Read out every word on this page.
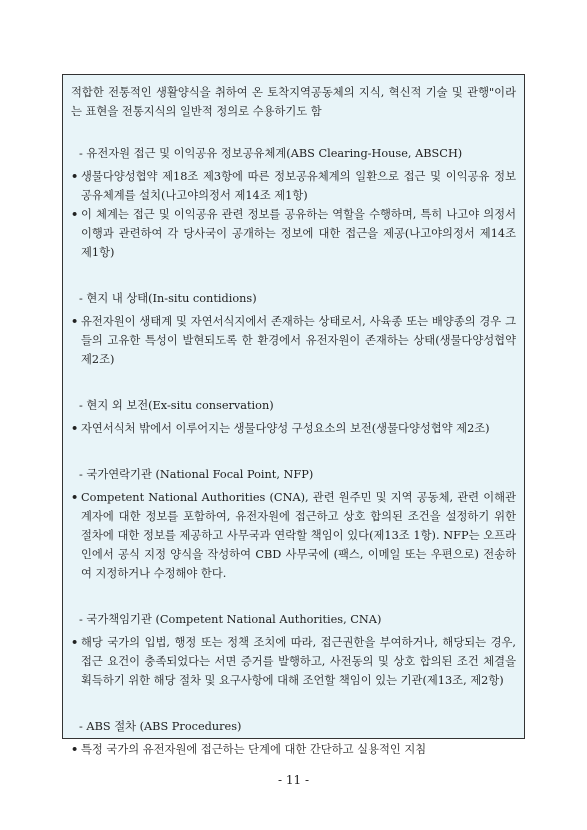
적합한 전통적인 생활양식을 취하여 온 토착지역공동체의 지식, 혁신적 기술 및 관행"이라는 표현을 전통지식의 일반적 정의로 수용하기도 함

- 유전자원 접근 및 이익공유 정보공유체계(ABS Clearing-House, ABSCH)

• 생물다양성협약 제18조 제3항에 따른 정보공유체계의 일환으로 접근 및 이익공유 정보공유체계를 설치(나고야의정서 제14조 제1항)
• 이 체계는 접근 및 이익공유 관련 정보를 공유하는 역할을 수행하며, 특히 나고야 의정서 이행과 관련하여 각 당사국이 공개하는 정보에 대한 접근을 제공(나고야의정서 제14조 제1항)

- 현지 내 상태(In-situ contidions)

• 유전자원이 생태계 및 자연서식지에서 존재하는 상태로서, 사육종 또는 배양종의 경우 그들의 고유한 특성이 발현되도록 한 환경에서 유전자원이 존재하는 상태(생물다양성협약 제2조)

- 현지 외 보전(Ex-situ conservation)

• 자연서식처 밖에서 이루어지는 생물다양성 구성요소의 보전(생물다양성협약 제2조)

- 국가연락기관 (National Focal Point, NFP)

• Competent National Authorities (CNA), 관련 원주민 및 지역 공동체, 관련 이해관계자에 대한 정보를 포함하여, 유전자원에 접근하고 상호 합의된 조건을 설정하기 위한 절차에 대한 정보를 제공하고 사무국과 연락할 책임이 있다(제13조 1항). NFP는 오프라인에서 공식 지정 양식을 작성하여 CBD 사무국에 (팩스, 이메일 또는 우편으로) 전송하여 지정하거나 수정해야 한다.

- 국가책임기관 (Competent National Authorities, CNA)

• 해당 국가의 입법, 행정 또는 정책 조치에 따라, 접근권한을 부여하거나, 해당되는 경우, 접근 요건이 충족되었다는 서면 증거를 발행하고, 사전동의 및 상호 합의된 조건 체결을 획득하기 위한 해당 절차 및 요구사항에 대해 조언할 책임이 있는 기관(제13조, 제2항)

- ABS 절차 (ABS Procedures)

• 특정 국가의 유전자원에 접근하는 단계에 대한 간단하고 실용적인 지침
- 11 -
